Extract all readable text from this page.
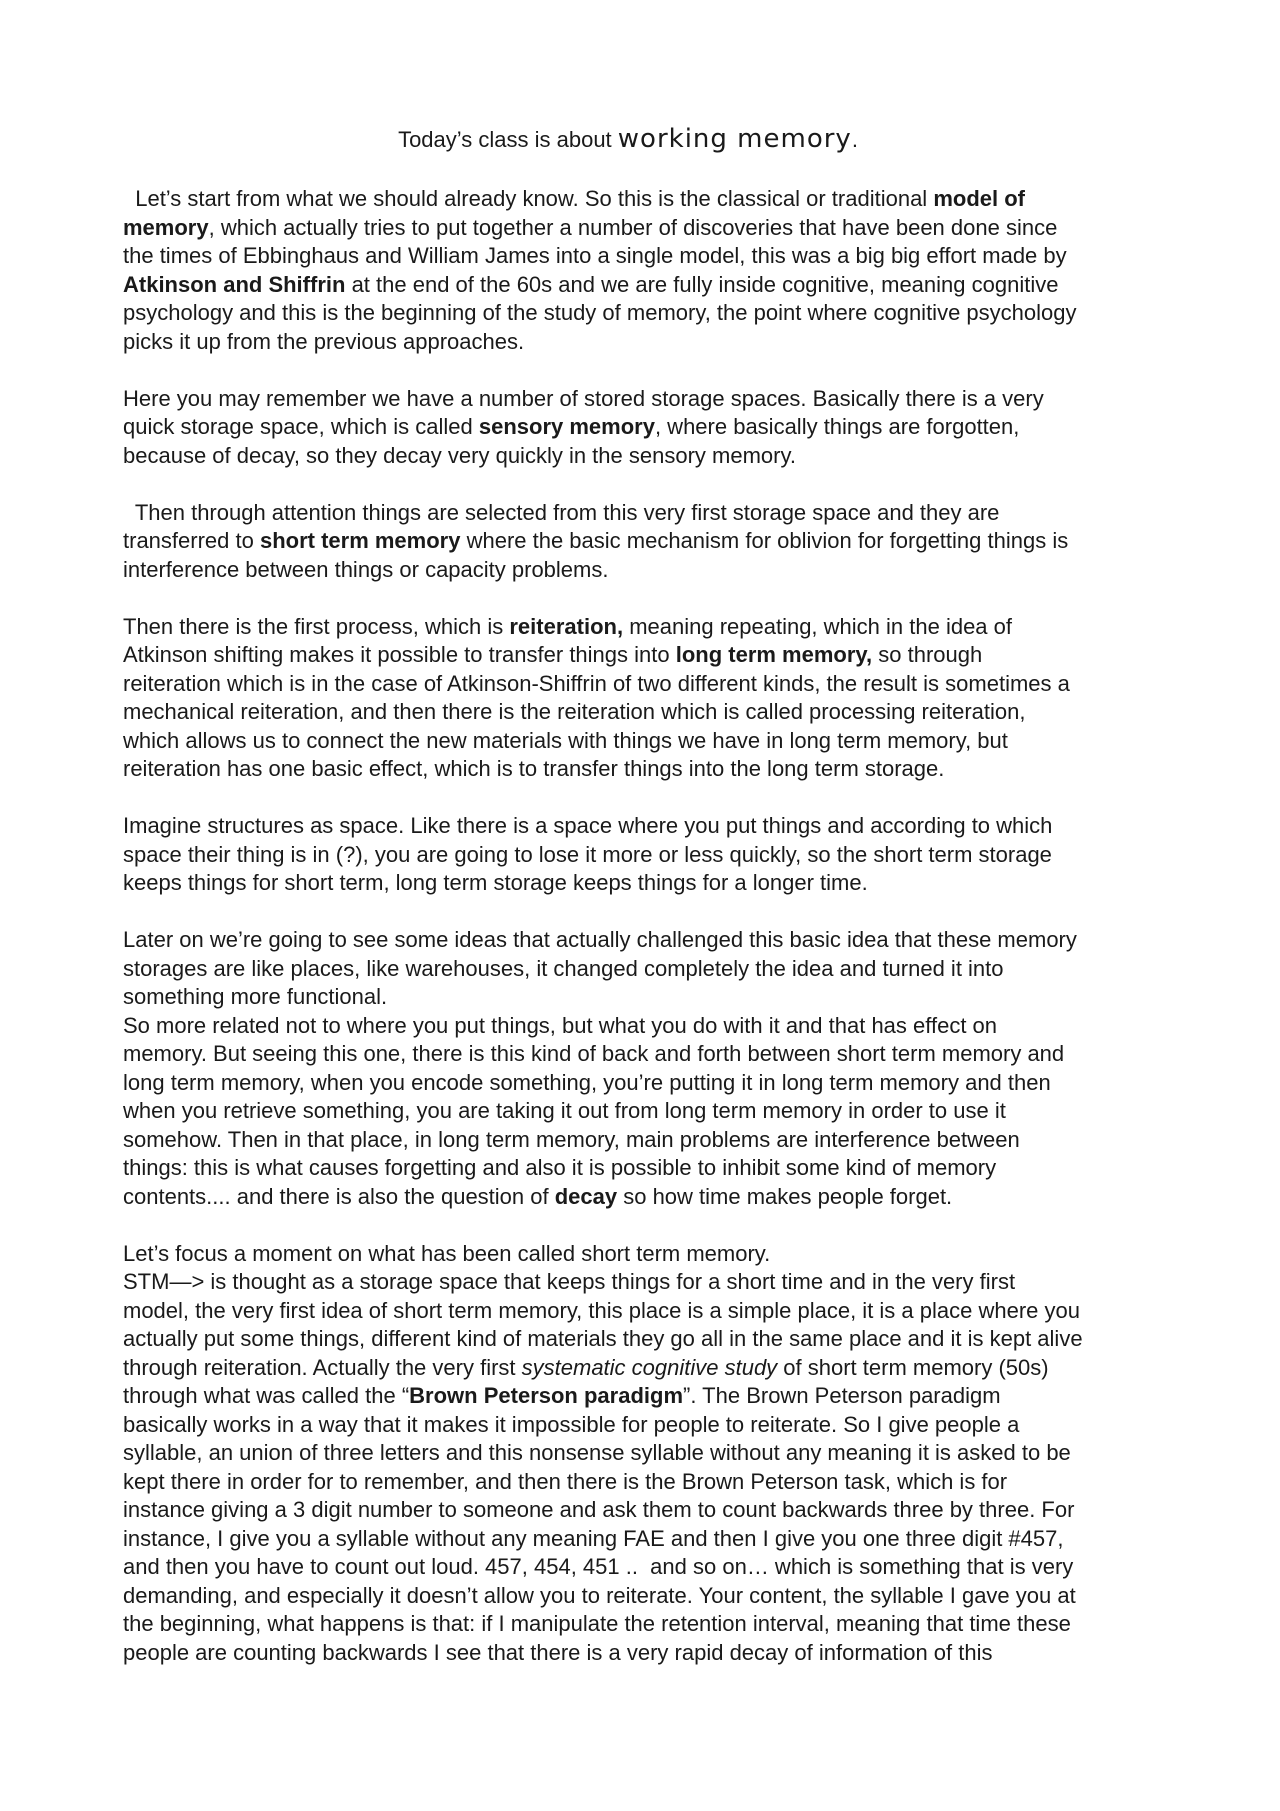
Today’s class is about working memory.
Let’s start from what we should already know. So this is the classical or traditional model of
memory, which actually tries to put together a number of discoveries that have been done since
the times of Ebbinghaus and William James into a single model, this was a big big effort made by
Atkinson and Shiffrin at the end of the 60s and we are fully inside cognitive, meaning cognitive
psychology and this is the beginning of the study of memory, the point where cognitive psychology
picks it up from the previous approaches.
Here you may remember we have a number of stored storage spaces. Basically there is a very
quick storage space, which is called sensory memory, where basically things are forgotten,
because of decay, so they decay very quickly in the sensory memory.
Then through attention things are selected from this very first storage space and they are
transferred to short term memory where the basic mechanism for oblivion for forgetting things is
interference between things or capacity problems.
Then there is the first process, which is reiteration, meaning repeating, which in the idea of
Atkinson shifting makes it possible to transfer things into long term memory, so through
reiteration which is in the case of Atkinson-Shiffrin of two different kinds, the result is sometimes a
mechanical reiteration, and then there is the reiteration which is called processing reiteration,
which allows us to connect the new materials with things we have in long term memory, but
reiteration has one basic effect, which is to transfer things into the long term storage.
Imagine structures as space. Like there is a space where you put things and according to which
space their thing is in (?), you are going to lose it more or less quickly, so the short term storage
keeps things for short term, long term storage keeps things for a longer time.
Later on we’re going to see some ideas that actually challenged this basic idea that these memory
storages are like places, like warehouses, it changed completely the idea and turned it into
something more functional.
So more related not to where you put things, but what you do with it and that has effect on
memory. But seeing this one, there is this kind of back and forth between short term memory and
long term memory, when you encode something, you’re putting it in long term memory and then
when you retrieve something, you are taking it out from long term memory in order to use it
somehow. Then in that place, in long term memory, main problems are interference between
things: this is what causes forgetting and also it is possible to inhibit some kind of memory
contents.... and there is also the question of decay so how time makes people forget.
Let’s focus a moment on what has been called short term memory.
STM—> is thought as a storage space that keeps things for a short time and in the very first
model, the very first idea of short term memory, this place is a simple place, it is a place where you
actually put some things, different kind of materials they go all in the same place and it is kept alive
through reiteration. Actually the very first systematic cognitive study of short term memory (50s)
through what was called the “Brown Peterson paradigm”. The Brown Peterson paradigm
basically works in a way that it makes it impossible for people to reiterate. So I give people a
syllable, an union of three letters and this nonsense syllable without any meaning it is asked to be
kept there in order for to remember, and then there is the Brown Peterson task, which is for
instance giving a 3 digit number to someone and ask them to count backwards three by three. For
instance, I give you a syllable without any meaning FAE and then I give you one three digit #457,
and then you have to count out loud. 457, 454, 451 ..  and so on… which is something that is very
demanding, and especially it doesn’t allow you to reiterate. Your content, the syllable I gave you at
the beginning, what happens is that: if I manipulate the retention interval, meaning that time these
people are counting backwards I see that there is a very rapid decay of information of this
